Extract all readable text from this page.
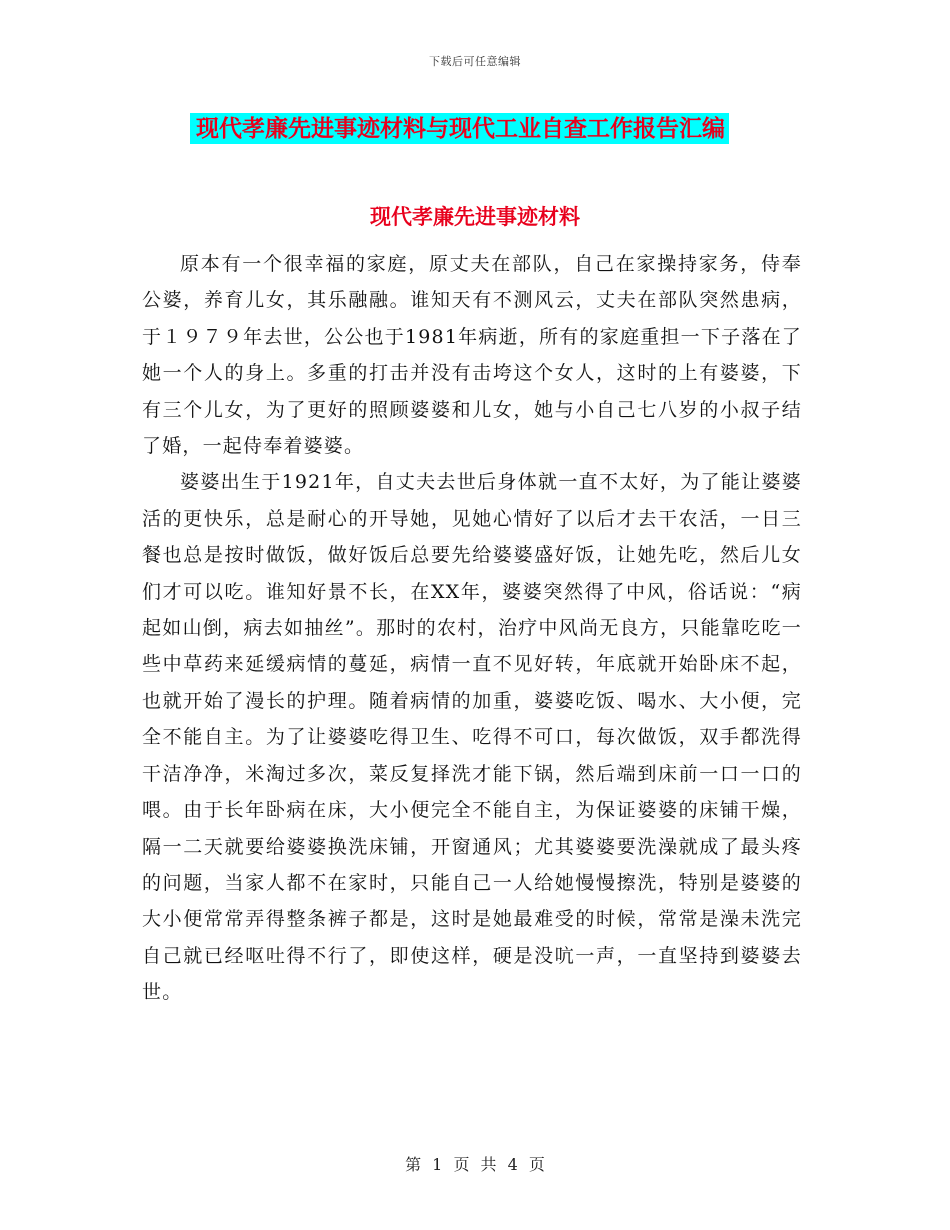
下载后可任意编辑
现代孝廉先进事迹材料与现代工业自查工作报告汇编
现代孝廉先进事迹材料

原本有一个很幸福的家庭，原丈夫在部队，自己在家操持家务，侍奉公婆，养育儿女，其乐融融。谁知天有不测风云，丈夫在部队突然患病，于１９７９年去世，公公也于1981年病逝，所有的家庭重担一下子落在了她一个人的身上。多重的打击并没有击垮这个女人，这时的上有婆婆，下有三个儿女，为了更好的照顾婆婆和儿女，她与小自己七八岁的小叔子结了婚，一起侍奉着婆婆。

婆婆出生于1921年，自丈夫去世后身体就一直不太好，为了能让婆婆活的更快乐，总是耐心的开导她，见她心情好了以后才去干农活，一日三餐也总是按时做饭，做好饭后总要先给婆婆盛好饭，让她先吃，然后儿女们才可以吃。谁知好景不长，在XX年，婆婆突然得了中风，俗话说：“病起如山倒，病去如抽丝”。那时的农村，治疗中风尚无良方，只能靠吃吃一些中草药来延缓病情的蔓延，病情一直不见好转，年底就开始卧床不起，也就开始了漫长的护理。随着病情的加重，婆婆吃饭、喝水、大小便，完全不能自主。为了让婆婆吃得卫生、吃得不可口，每次做饭，双手都洗得干洁净净，米淘过多次，菜反复择洗才能下锅，然后端到床前一口一口的喂。由于长年卧病在床，大小便完全不能自主，为保证婆婆的床铺干燥，隔一二天就要给婆婆换洗床铺，开窗通风；尤其婆婆要洗澡就成了最头疼的问题，当家人都不在家时，只能自己一人给她慢慢擦洗，特别是婆婆的大小便常常弄得整条裤子都是，这时是她最难受的时候，常常是澡未洗完自己就已经呕吐得不行了，即使这样，硬是没吭一声，一直坚持到婆婆去世。

第 1 页 共 4 页
